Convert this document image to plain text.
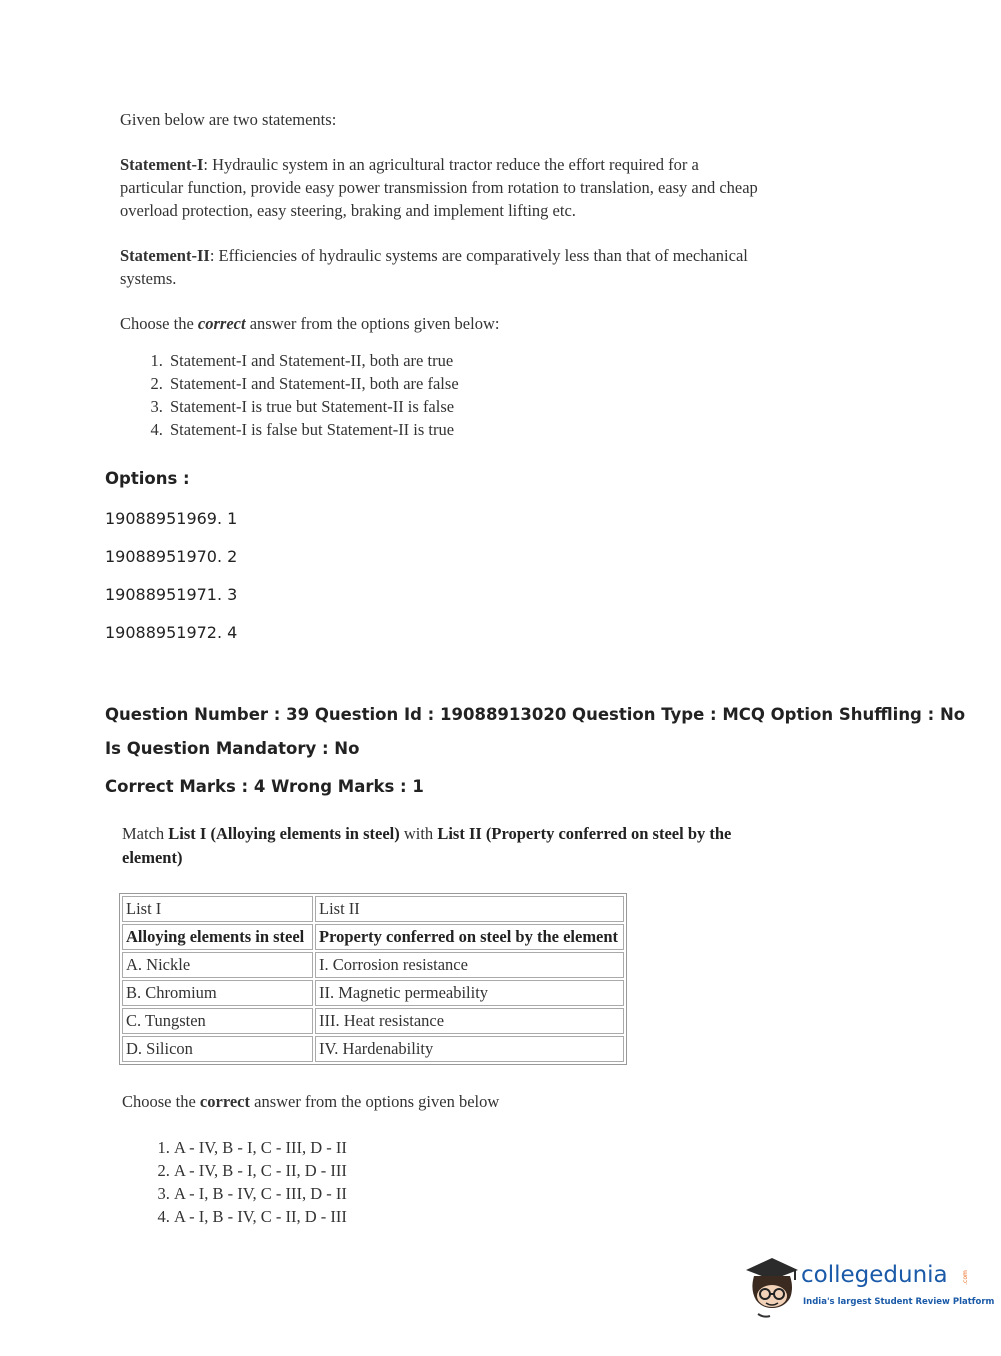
Given below are two statements:

Statement-I: Hydraulic system in an agricultural tractor reduce the effort required for a particular function, provide easy power transmission from rotation to translation, easy and cheap overload protection, easy steering, braking and implement lifting etc.

Statement-II: Efficiencies of hydraulic systems are comparatively less than that of mechanical systems.

Choose the correct answer from the options given below:

1. Statement-I and Statement-II, both are true
2. Statement-I and Statement-II, both are false
3. Statement-I is true but Statement-II is false
4. Statement-I is false but Statement-II is true
Options :
19088951969. 1
19088951970. 2
19088951971. 3
19088951972. 4
Question Number : 39 Question Id : 19088913020 Question Type : MCQ Option Shuffling : No
Is Question Mandatory : No
Correct Marks : 4 Wrong Marks : 1
Match List I (Alloying elements in steel) with List II (Property conferred on steel by the element)
List I	List II
Alloying elements in steel	Property conferred on steel by the element
A. Nickle	I. Corrosion resistance
B. Chromium	II. Magnetic permeability
C. Tungsten	III. Heat resistance
D. Silicon	IV. Hardenability
Choose the correct answer from the options given below
1. A - IV, B - I, C - III, D - II
2. A - IV, B - I, C - II, D - III
3. A - I, B - IV, C - III, D - II
4. A - I, B - IV, C - II, D - III
collegedunia .com
India's largest Student Review Platform
